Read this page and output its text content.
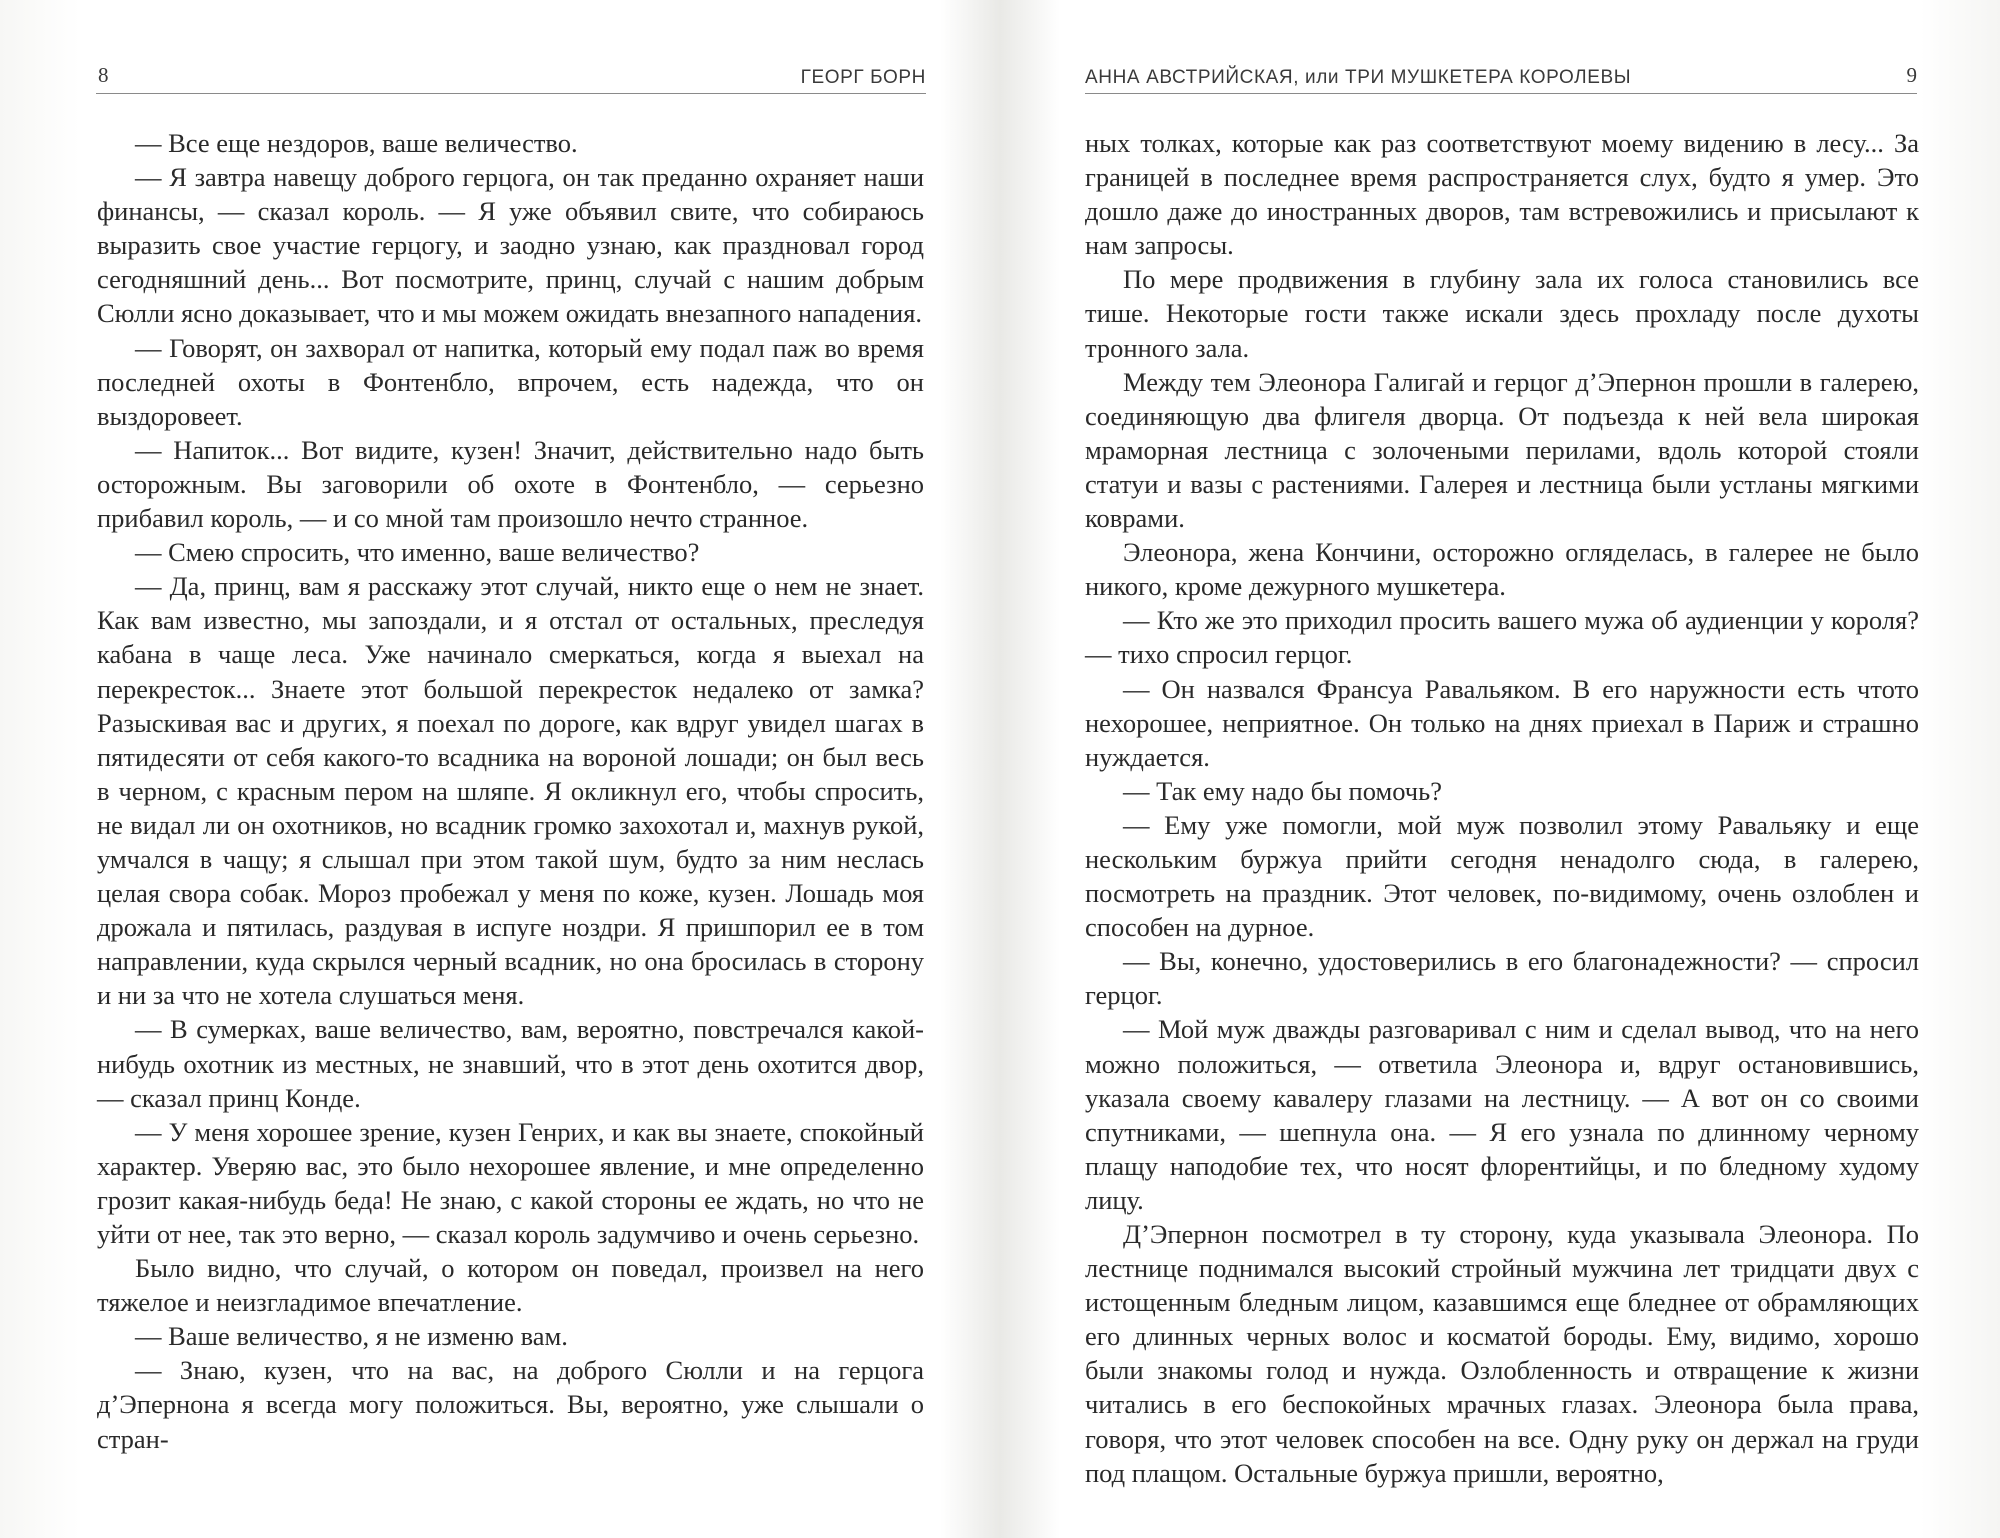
8	ГЕОРГ БОРН

— Все еще нездоров, ваше величество.

— Я завтра навещу доброго герцога, он так преданно охраняет наши финансы, — сказал король. — Я уже объявил свите, что собираюсь выразить свое участие герцогу, и заодно узнаю, как праздновал город сегодняшний день... Вот посмотрите, принц, случай с нашим добрым Сюлли ясно доказывает, что и мы можем ожидать внезапного нападения.

— Говорят, он захворал от напитка, который ему подал паж во время последней охоты в Фонтенбло, впрочем, есть надежда, что он выздоровеет.

— Напиток... Вот видите, кузен! Значит, действительно надо быть осторожным. Вы заговорили об охоте в Фонтенбло, — серьезно прибавил король, — и со мной там произошло нечто странное.

— Смею спросить, что именно, ваше величество?

— Да, принц, вам я расскажу этот случай, никто еще о нем не знает. Как вам известно, мы запоздали, и я отстал от остальных, преследуя кабана в чаще леса. Уже начинало смеркаться, когда я выехал на перекресток... Знаете этот большой перекресток недалеко от замка? Разыскивая вас и других, я поехал по дороге, как вдруг увидел шагах в пятидесяти от себя какого-то всадника на вороной лошади; он был весь в черном, с красным пером на шляпе. Я окликнул его, чтобы спросить, не видал ли он охотников, но всадник громко захохотал и, махнув рукой, умчался в чащу; я слышал при этом такой шум, будто за ним неслась целая свора собак. Мороз пробежал у меня по коже, кузен. Лошадь моя дрожала и пятилась, раздувая в испуге ноздри. Я пришпорил ее в том направлении, куда скрылся черный всадник, но она бросилась в сторону и ни за что не хотела слушаться меня.

— В сумерках, ваше величество, вам, вероятно, повстречался какой-нибудь охотник из местных, не знавший, что в этот день охотится двор, — сказал принц Конде.

— У меня хорошее зрение, кузен Генрих, и как вы знаете, спокойный характер. Уверяю вас, это было нехорошее явление, и мне определенно грозит какая-нибудь беда! Не знаю, с какой стороны ее ждать, но что не уйти от нее, так это верно, — сказал король задумчиво и очень серьезно.

Было видно, что случай, о котором он поведал, произвел на него тяжелое и неизгладимое впечатление.

— Ваше величество, я не изменю вам.

— Знаю, кузен, что на вас, на доброго Сюлли и на герцога д’Эпернона я всегда могу положиться. Вы, вероятно, уже слышали о стран-

АННА АВСТРИЙСКАЯ, или ТРИ МУШКЕТЕРА КОРОЛЕВЫ	9

ных толках, которые как раз соответствуют моему видению в лесу... За границей в последнее время распространяется слух, будто я умер. Это дошло даже до иностранных дворов, там встревожились и присылают к нам запросы.

По мере продвижения в глубину зала их голоса становились все тише. Некоторые гости также искали здесь прохладу после духоты тронного зала.

Между тем Элеонора Галигай и герцог д’Эпернон прошли в галерею, соединяющую два флигеля дворца. От подъезда к ней вела широкая мраморная лестница с золочеными перилами, вдоль которой стояли статуи и вазы с растениями. Галерея и лестница были устланы мягкими коврами.

Элеонора, жена Кончини, осторожно огляделась, в галерее не было никого, кроме дежурного мушкетера.

— Кто же это приходил просить вашего мужа об аудиенции у короля? — тихо спросил герцог.

— Он назвался Франсуа Равальяком. В его наружности есть чтото нехорошее, неприятное. Он только на днях приехал в Париж и страшно нуждается.

— Так ему надо бы помочь?

— Ему уже помогли, мой муж позволил этому Равальяку и еще нескольким буржуа прийти сегодня ненадолго сюда, в галерею, посмотреть на праздник. Этот человек, по-видимому, очень озлоблен и способен на дурное.

— Вы, конечно, удостоверились в его благонадежности? — спросил герцог.

— Мой муж дважды разговаривал с ним и сделал вывод, что на него можно положиться, — ответила Элеонора и, вдруг остановившись, указала своему кавалеру глазами на лестницу. — А вот он со своими спутниками, — шепнула она. — Я его узнала по длинному черному плащу наподобие тех, что носят флорентийцы, и по бледному худому лицу.

Д’Эпернон посмотрел в ту сторону, куда указывала Элеонора. По лестнице поднимался высокий стройный мужчина лет тридцати двух с истощенным бледным лицом, казавшимся еще бледнее от обрамляющих его длинных черных волос и косматой бороды. Ему, видимо, хорошо были знакомы голод и нужда. Озлобленность и отвращение к жизни читались в его беспокойных мрачных глазах. Элеонора была права, говоря, что этот человек способен на все. Одну руку он держал на груди под плащом. Остальные буржуа пришли, вероятно,
